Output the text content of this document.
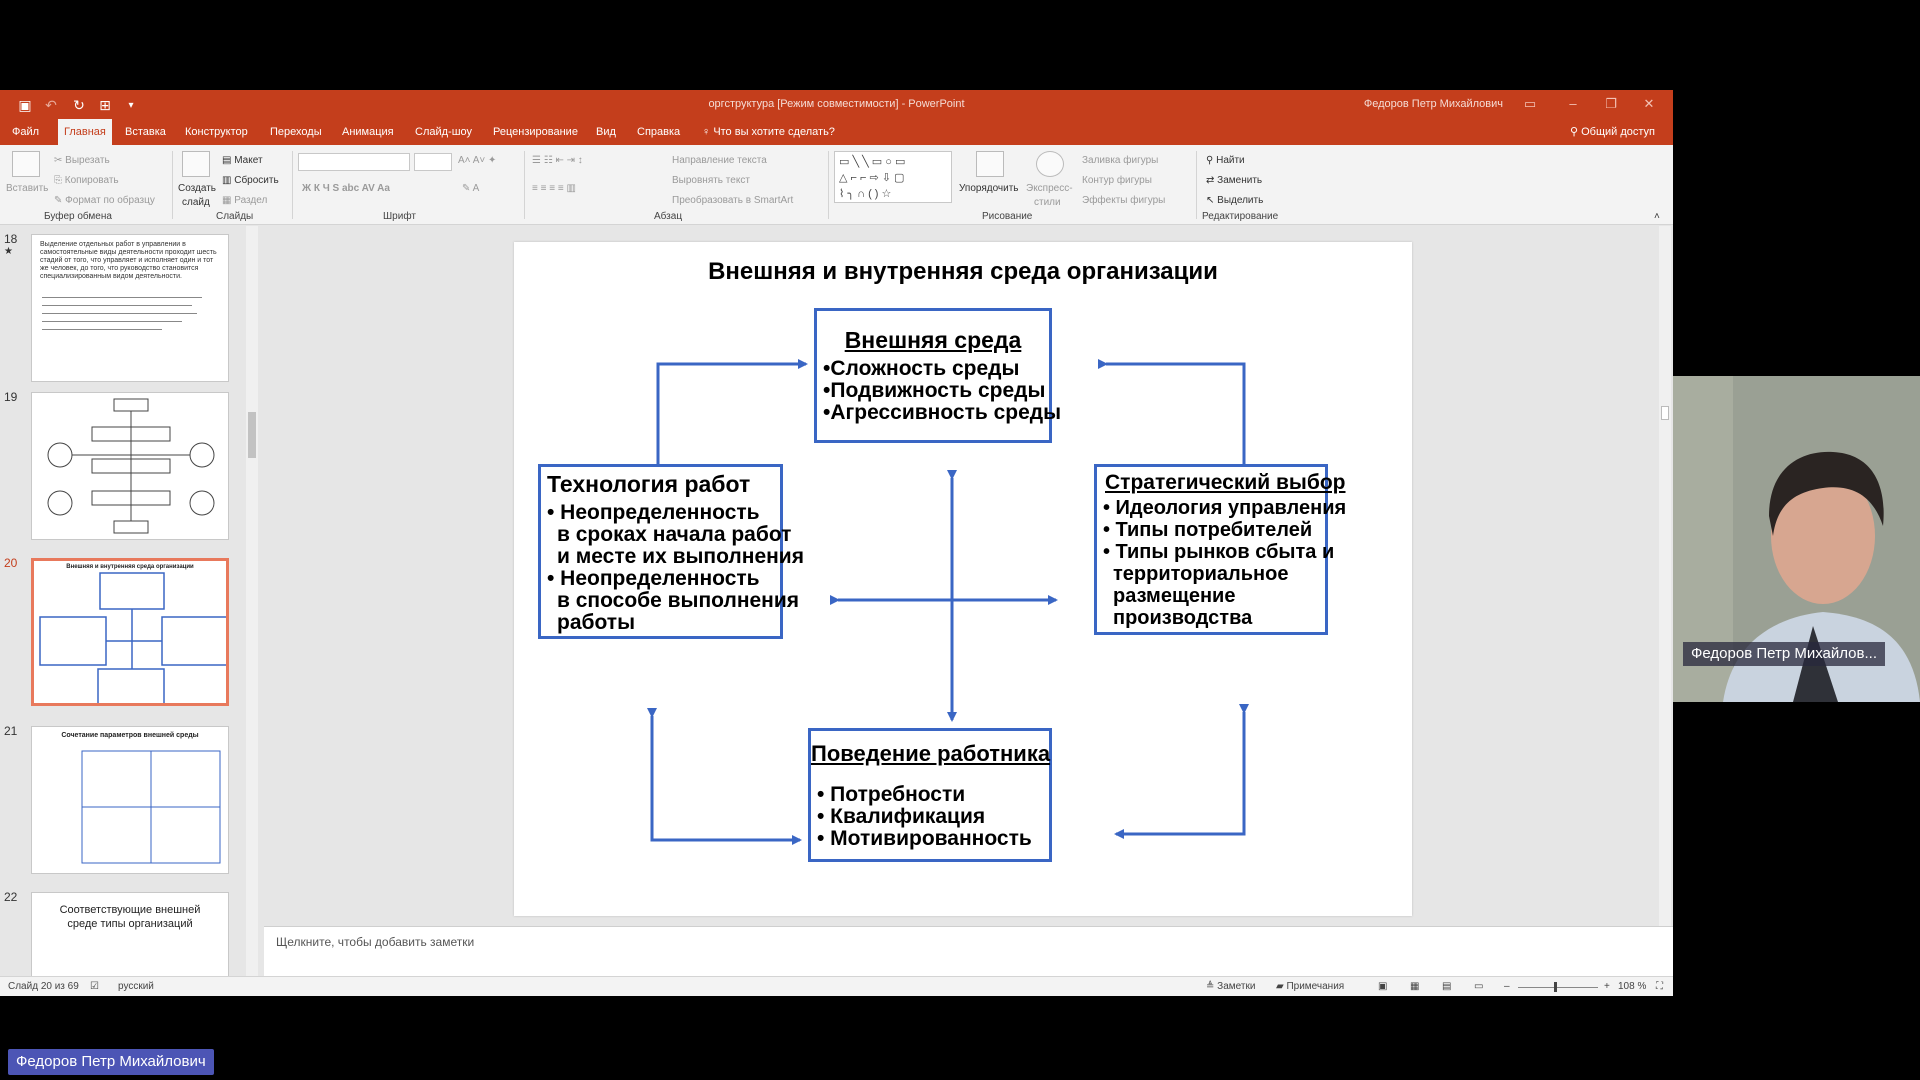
▣ ↶ ↻ ⊞	▾	оргструктура [Режим совместимости] - PowerPoint	Федоров Петр Михайлович ▭	–	❐	✕
Файл	Главная	Вставка	Конструктор	Переходы	Анимация	Слайд-шоу	Рецензирование	Вид	Справка	♀ Что вы хотите сделать?	⚲ Общий доступ
Вставить
✂ Вырезать
⎘ Копировать
✎ Формат по образцу
Буфер обмена
Создать
слайд
▤ Макет
▥ Сбросить
▦ Раздел
Слайды
A˄ A˅ ✦
Ж К Ч S abc AV Aa	✎ A
Шрифт
☰ ☷ ⇤ ⇥ ↕
≡ ≡ ≡ ≡ ▥
Направление текста
Выровнять текст
Преобразовать в SmartArt
Абзац
▭ ╲ ╲ ▭ ○ ▭
△ ⌐ ⌐ ⇨ ⇩ ▢
⌇ ╮ ∩ ( ) ☆	Упорядочить Экспресс-
стили
Заливка фигуры
Контур фигуры
Эффекты фигуры
Рисование
⚲ Найти
⇄ Заменить
↖ Выделить
Редактирование	˄
18
★
Выделение отдельных работ в управлении в самостоятельные виды деятельности проходит шесть стадий от того, что управляет и исполняет один и тот же человек, до того, что руководство становится специализированным видом деятельности.
19
20	Внешняя и внутренняя среда организации
21	Сочетание параметров внешней среды
22
Соответствующие внешней среде типы организаций
Внешняя и внутренняя среда организации
Внешняя среда
•Сложность среды
•Подвижность среды
•Агрессивность среды
Технология работ
• Неопределенность
в сроках начала работ
и месте их выполнения
• Неопределенность
в способе выполнения
работы
Стратегический выбор
• Идеология управления
• Типы потребителей
• Типы рынков сбыта и
территориальное
размещение
производства
Поведение работника
• Потребности
• Квалификация
• Мотивированность
Щелкните, чтобы добавить заметки
Слайд 20 из 69 ☑ русский	≜ Заметки ▰ Примечания	▣ ▦ ▤ ▭ –	+ 108 % ⛶
Федоров Петр Михайлов...
Федоров Петр Михайлович
